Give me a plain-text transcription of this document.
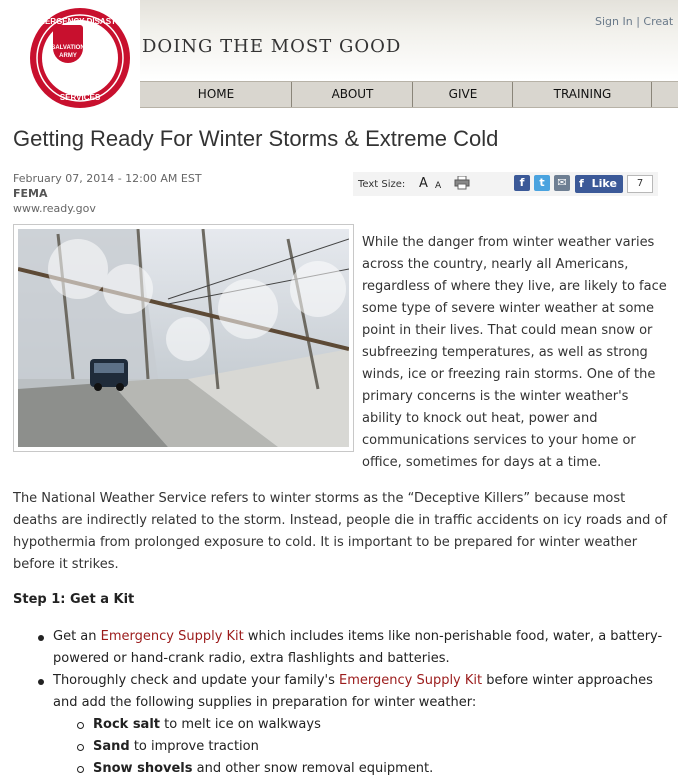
EMERGENCY DISASTER
SERVICES
SALVATION
ARMY	DOING THE MOST GOOD
Sign In | Creat
HOME	ABOUT	GIVE	TRAINING
Getting Ready For Winter Storms & Extreme Cold
February 07, 2014 - 12:00 AM EST
FEMA
www.ready.gov
Text Size: A A	f	t	✉	f Like	7
While the danger from winter weather varies across the country, nearly all Americans, regardless of where they live, are likely to face some type of severe winter weather at some point in their lives. That could mean snow or subfreezing temperatures, as well as strong winds, ice or freezing rain storms. One of the primary concerns is the winter weather's ability to knock out heat, power and communications services to your home or office, sometimes for days at a time.
The National Weather Service refers to winter storms as the “Deceptive Killers” because most deaths are indirectly related to the storm. Instead, people die in traffic accidents on icy roads and of hypothermia from prolonged exposure to cold. It is important to be prepared for winter weather before it strikes.
Step 1: Get a Kit
Get an Emergency Supply Kit which includes items like non-perishable food, water, a battery-powered or hand-crank radio, extra flashlights and batteries.
Thoroughly check and update your family's Emergency Supply Kit before winter approaches and add the following supplies in preparation for winter weather:
Rock salt to melt ice on walkways
Sand to improve traction
Snow shovels and other snow removal equipment.
